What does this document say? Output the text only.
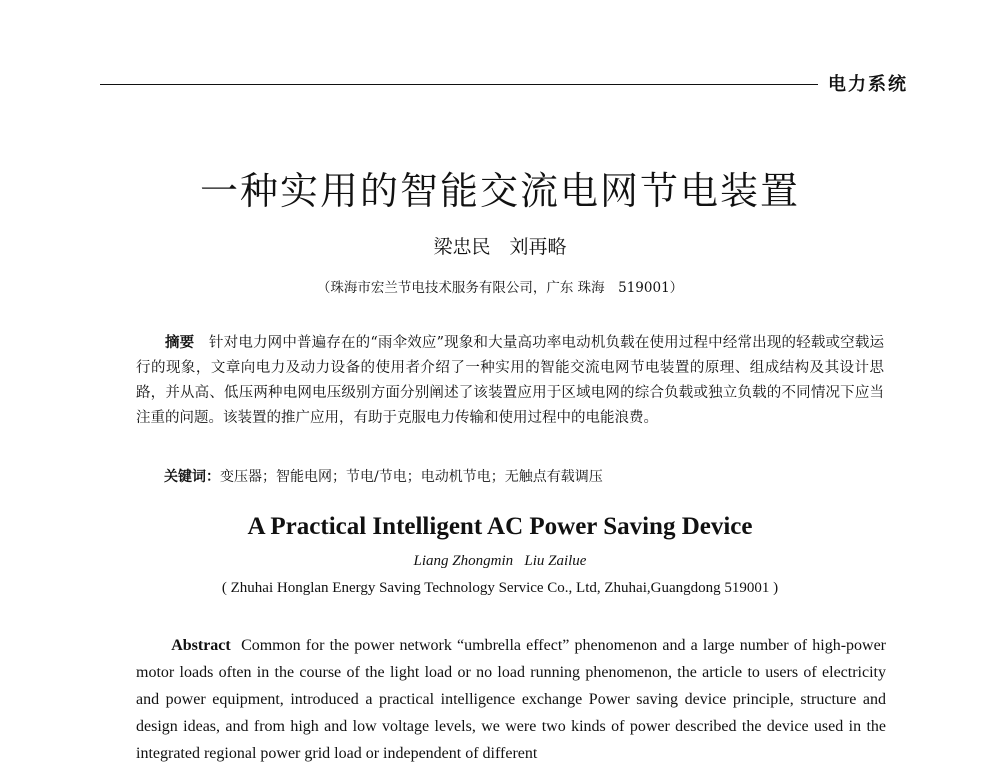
电力系统
一种实用的智能交流电网节电装置
梁忠民　刘再略
（珠海市宏兰节电技术服务有限公司，广东 珠海　519001）
摘要　 针对电力网中普遍存在的“雨伞效应”现象和大量高功率电动机负载在使用过程中经常出现的轻载或空载运行的现象，文章向电力及动力设备的使用者介绍了一种实用的智能交流电网节电装置的原理、组成结构及其设计思路，并从高、低压两种电网电压级别方面分别阐述了该装置应用于区域电网的综合负载或独立负载的不同情况下应当注重的问题。该装置的推广应用，有助于克服电力传输和使用过程中的电能浪费。
关键词：变压器；智能电网；节电/节电；电动机节电；无触点有载调压
A Practical Intelligent AC Power Saving Device
Liang Zhongmin   Liu Zailue
( Zhuhai Honglan Energy Saving Technology Service Co., Ltd, Zhuhai,Guangdong 519001 )
Abstract Common for the power network “umbrella effect” phenomenon and a large number of high-power motor loads often in the course of the light load or no load running phenomenon, the article to users of electricity and power equipment, introduced a practical intelligence exchange Power saving device principle, structure and design ideas, and from high and low voltage levels, we were two kinds of power described the device used in the integrated regional power grid load or independent of different
